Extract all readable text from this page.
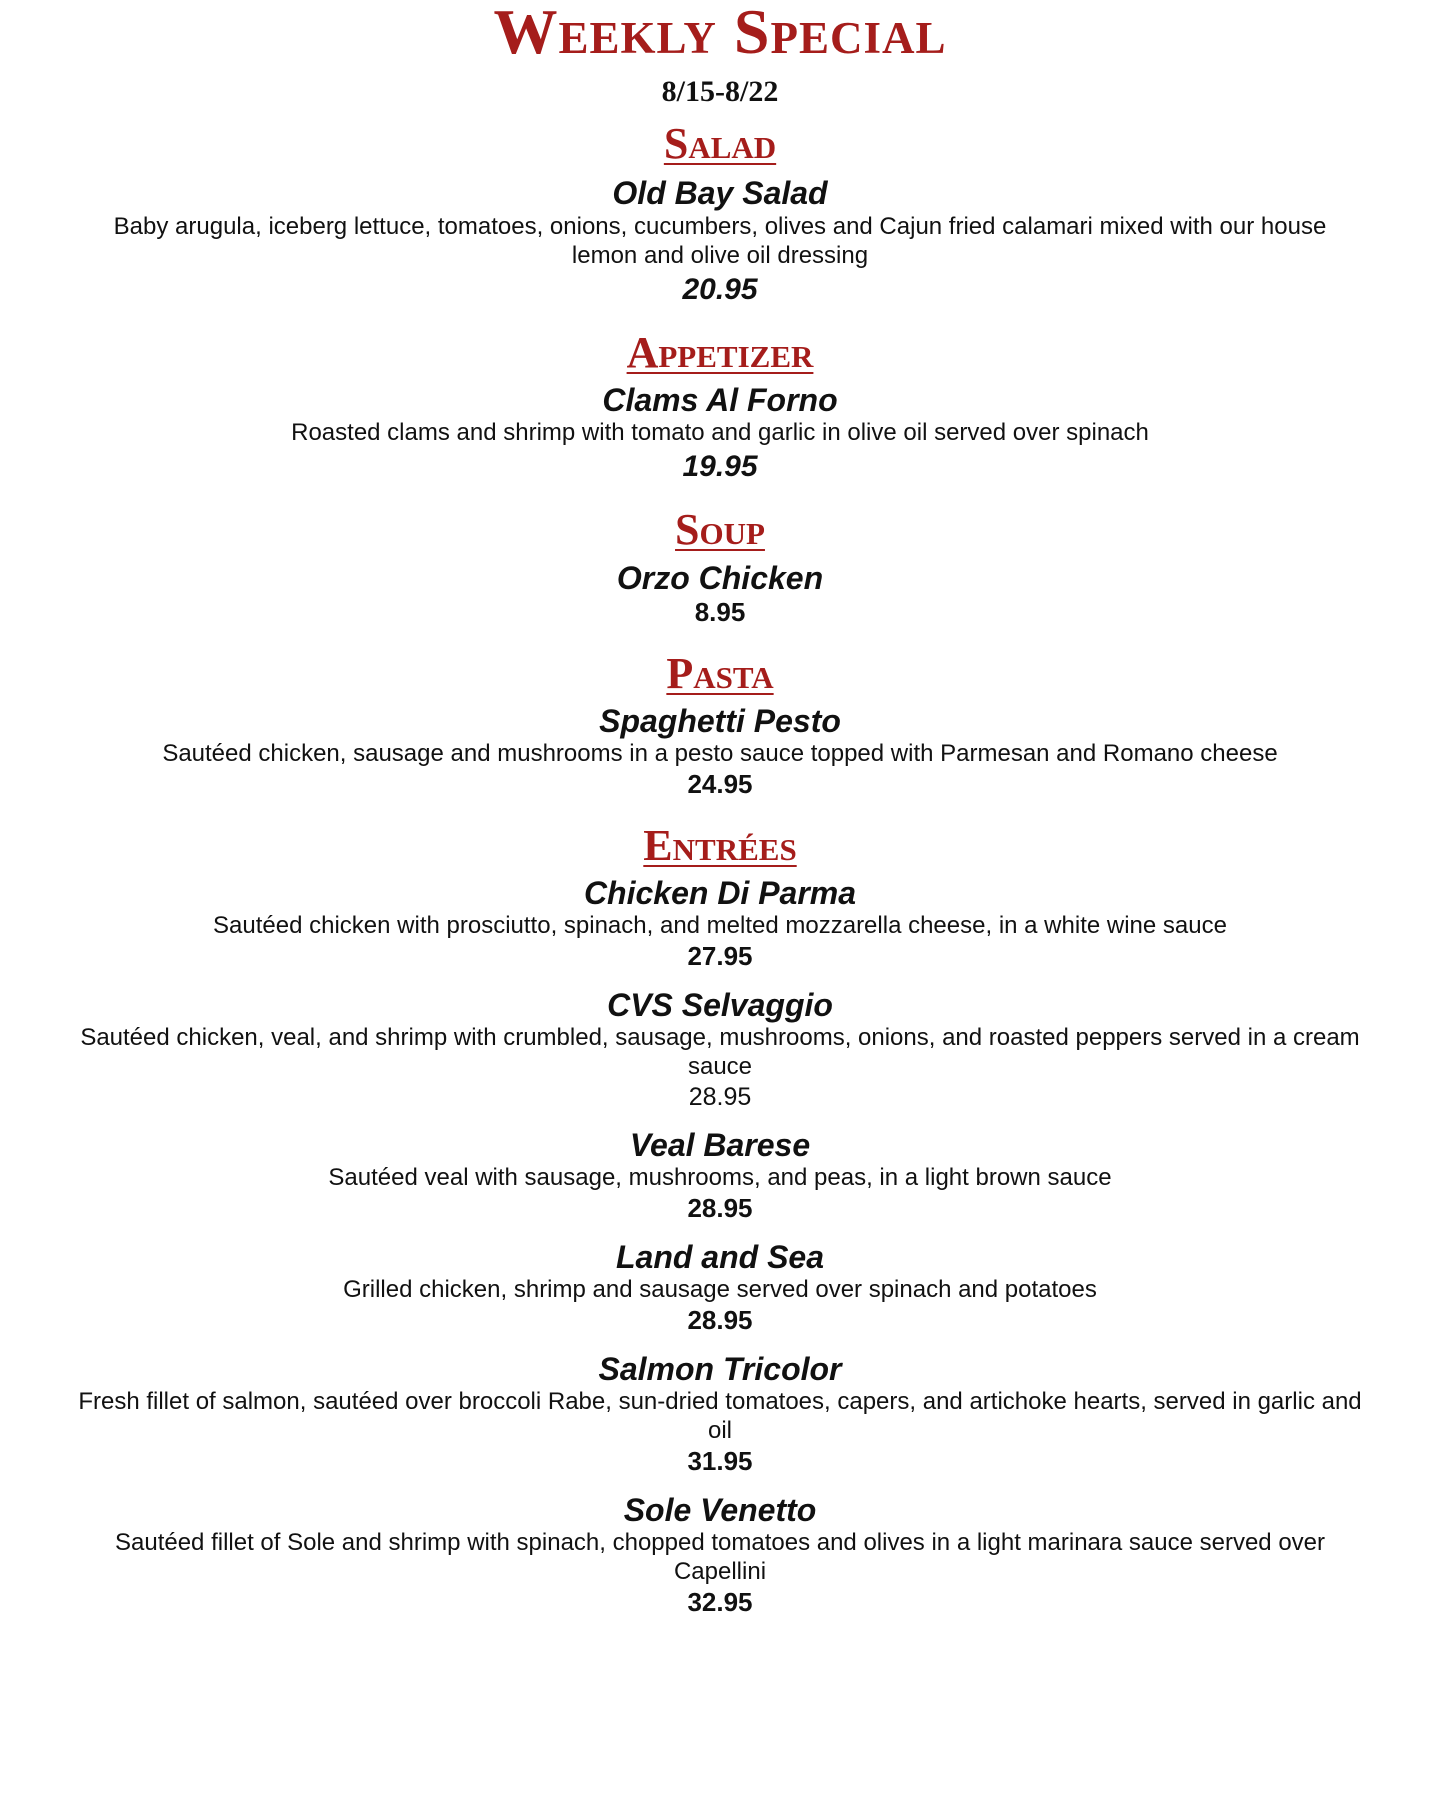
Weekly Special
8/15-8/22
Salad
Old Bay Salad
Baby arugula, iceberg lettuce, tomatoes, onions, cucumbers, olives and Cajun fried calamari mixed with our house lemon and olive oil dressing
20.95
Appetizer
Clams Al Forno
Roasted clams and shrimp with tomato and garlic in olive oil served over spinach
19.95
Soup
Orzo Chicken
8.95
Pasta
Spaghetti Pesto
Sautéed chicken, sausage and mushrooms in a pesto sauce topped with Parmesan and Romano cheese
24.95
Entrées
Chicken Di Parma
Sautéed chicken with prosciutto, spinach, and melted mozzarella cheese, in a white wine sauce
27.95
CVS Selvaggio
Sautéed chicken, veal, and shrimp with crumbled, sausage, mushrooms, onions, and roasted peppers served in a cream sauce
28.95
Veal Barese
Sautéed veal with sausage, mushrooms, and peas, in a light brown sauce
28.95
Land and Sea
Grilled chicken, shrimp and sausage served over spinach and potatoes
28.95
Salmon Tricolor
Fresh fillet of salmon, sautéed over broccoli Rabe, sun-dried tomatoes, capers, and artichoke hearts, served in garlic and oil
31.95
Sole Venetto
Sautéed fillet of Sole and shrimp with spinach, chopped tomatoes and olives in a light marinara sauce served over Capellini
32.95
